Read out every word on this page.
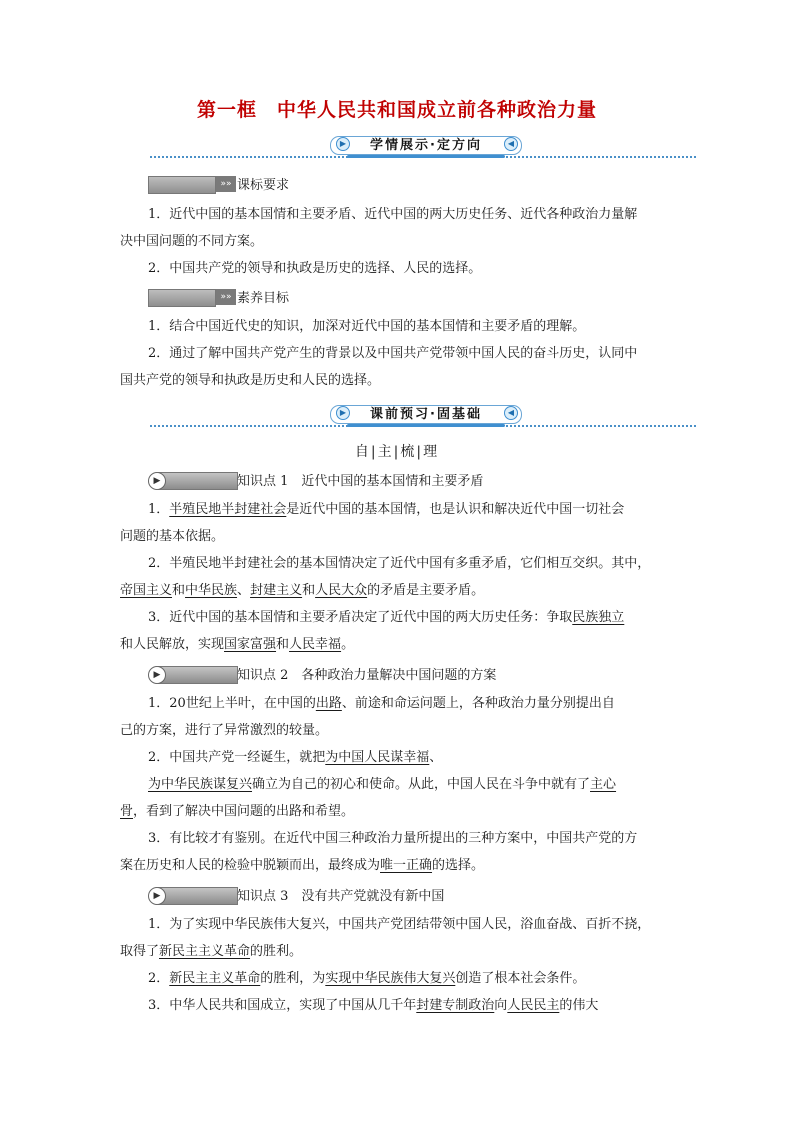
第一框　中华人民共和国成立前各种政治力量
学情展示·定方向
▶	◀
»» 课标要求
1．近代中国的基本国情和主要矛盾、近代中国的两大历史任务、近代各种政治力量解
决中国问题的不同方案。
2．中国共产党的领导和执政是历史的选择、人民的选择。
»» 素养目标
1．结合中国近代史的知识，加深对近代中国的基本国情和主要矛盾的理解。
2．通过了解中国共产党产生的背景以及中国共产党带领中国人民的奋斗历史，认同中
国共产党的领导和执政是历史和人民的选择。
课前预习·固基础
▶	◀
自|主|梳|理
▶	知识点 1　近代中国的基本国情和主要矛盾
1．半殖民地半封建社会是近代中国的基本国情，也是认识和解决近代中国一切社会
问题的基本依据。
2．半殖民地半封建社会的基本国情决定了近代中国有多重矛盾，它们相互交织。其中，
帝国主义和中华民族、封建主义和人民大众的矛盾是主要矛盾。
3．近代中国的基本国情和主要矛盾决定了近代中国的两大历史任务：争取民族独立
和人民解放，实现国家富强和人民幸福。
▶	知识点 2　各种政治力量解决中国问题的方案
1．20世纪上半叶，在中国的出路、前途和命运问题上，各种政治力量分别提出自
己的方案，进行了异常激烈的较量。
2．中国共产党一经诞生，就把为中国人民谋幸福、
为中华民族谋复兴确立为自己的初心和使命。从此，中国人民在斗争中就有了主心
骨，看到了解决中国问题的出路和希望。
3．有比较才有鉴别。在近代中国三种政治力量所提出的三种方案中，中国共产党的方
案在历史和人民的检验中脱颖而出，最终成为唯一正确的选择。
▶	知识点 3　没有共产党就没有新中国
1．为了实现中华民族伟大复兴，中国共产党团结带领中国人民，浴血奋战、百折不挠，
取得了新民主主义革命的胜利。
2．新民主主义革命的胜利，为实现中华民族伟大复兴创造了根本社会条件。
3．中华人民共和国成立，实现了中国从几千年封建专制政治向人民民主的伟大
